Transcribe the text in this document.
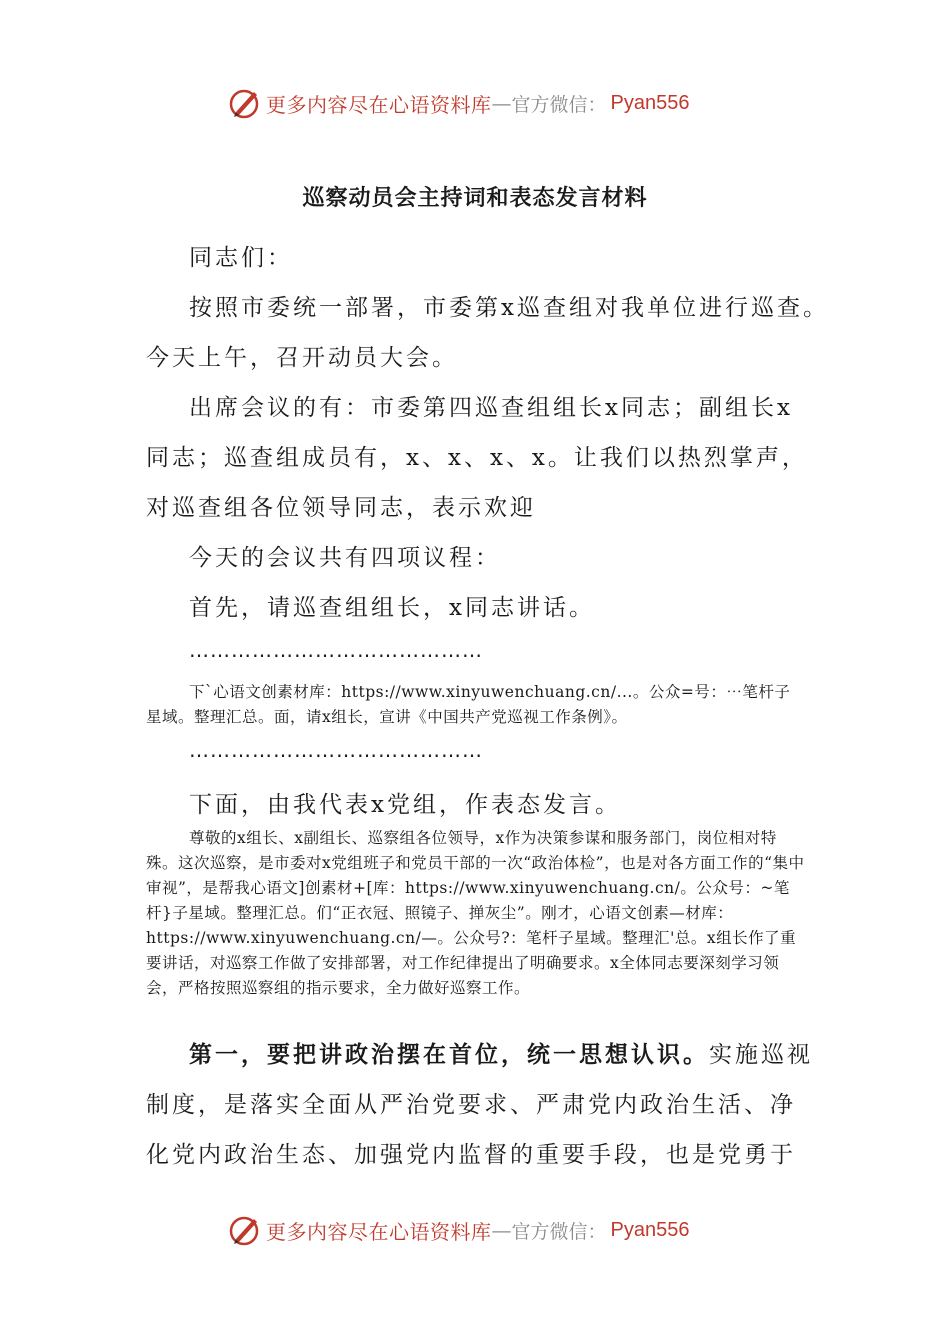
更多内容尽在心语资料库 — 官方微信： Pyan556
巡察动员会主持词和表态发言材料

同志们：

按照市委统一部署，市委第x巡查组对我单位进行巡查。

今天上午，召开动员大会。

出席会议的有：市委第四巡查组组长x同志；副组长x

同志；巡查组成员有，x、x、x、x。让我们以热烈掌声，

对巡查组各位领导同志，表示欢迎

今天的会议共有四项议程：

首先，请巡查组组长，x同志讲话。

……………………………………

下`心语文创素材库：https://www.xinyuwenchuang.cn/...。公众=号：⋯笔杆子星域。整理汇总。面，请x组长，宣讲《中国共产党巡视工作条例》。

……………………………………

下面，由我代表x党组，作表态发言。

尊敬的x组长、x副组长、巡察组各位领导，x作为决策参谋和服务部门，岗位相对特殊。这次巡察，是市委对x党组班子和党员干部的一次“政治体检”，也是对各方面工作的“集中审视”，是帮我心语文]创素材+[库：https://www.xinyuwenchuang.cn/。公众号：~笔杆}子星域。整理汇总。们“正衣冠、照镜子、掸灰尘”。刚才，心语文创素—材库：https://www.xinyuwenchuang.cn/—。公众号?：笔杆子星域。整理汇'总。x组长作了重要讲话，对巡察工作做了安排部署，对工作纪律提出了明确要求。x全体同志要深刻学习领会，严格按照巡察组的指示要求，全力做好巡察工作。

第一，要把讲政治摆在首位，统一思想认识。实施巡视

制度，是落实全面从严治党要求、严肃党内政治生活、净

化党内政治生态、加强党内监督的重要手段，也是党勇于

更多内容尽在心语资料库 — 官方微信： Pyan556
